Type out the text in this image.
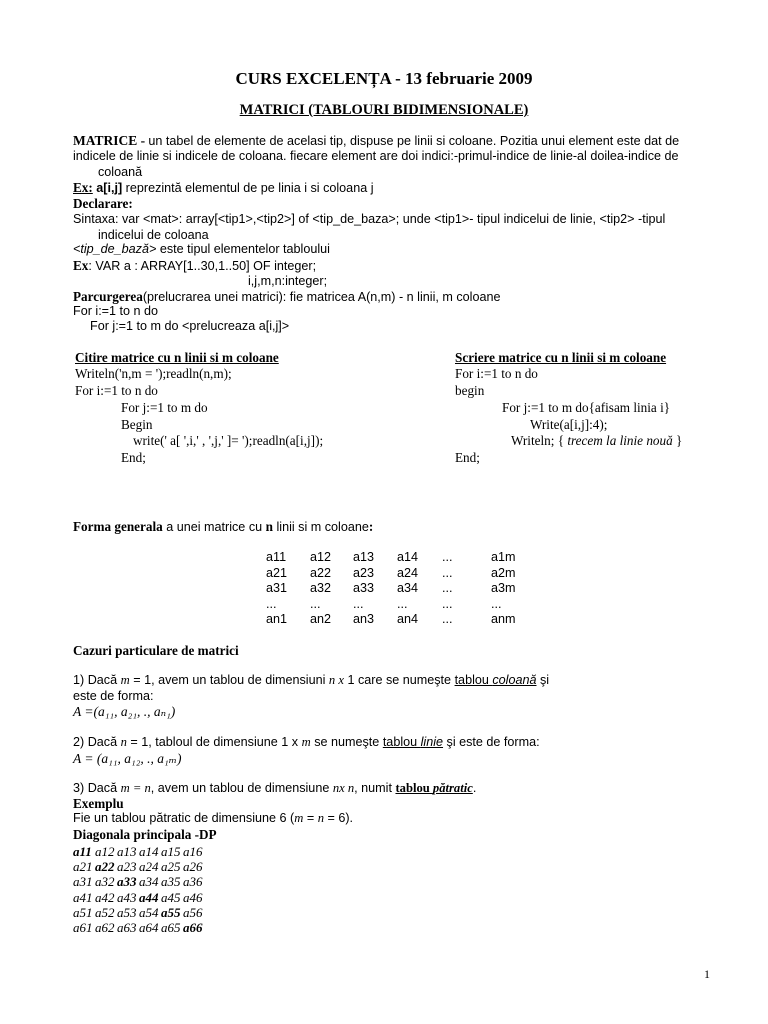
CURS EXCELENȚA - 13 februarie 2009
MATRICI (TABLOURI BIDIMENSIONALE)
MATRICE - un tabel de elemente de acelasi tip, dispuse pe linii si coloane. Pozitia unui element este dat de
indicele de linie si indicele de coloana. fiecare element are doi indici:-primul-indice de linie-al doilea-indice de
coloană
Ex: a[i,j] reprezintă elementul de pe linia i si coloana j
Declarare:
Sintaxa: var <mat>: array[<tip1>,<tip2>] of <tip_de_baza>; unde <tip1>- tipul indicelui de linie, <tip2> -tipul
indicelui de coloana
<tip_de_bază> este tipul elementelor tabloului
Ex: VAR a : ARRAY[1..30,1..50] OF integer;
i,j,m,n:integer;
Parcurgerea(prelucrarea unei matrici): fie matricea A(n,m) - n linii, m coloane
For i:=1 to n do
For j:=1 to m do <prelucreaza a[i,j]>
Citire matrice cu n linii si m coloane
Writeln('n,m = ');readln(n,m);
For i:=1 to n do
For j:=1 to m do
Begin
write(' a[ ',i,' , ',j,' ]= ');readln(a[i,j]);
End;
Scriere matrice cu n linii si m coloane
For i:=1 to n do
begin
For j:=1 to m do{afisam linia i}
Write(a[i,j]:4);
Writeln; { trecem la linie nouă }
End;
Forma generala a unei matrice cu n linii si m coloane:
a11 a12 a13 a14 ...	a1m
a21 a22 a23 a24 ...	a2m
a31 a32 a33 a34 ...	a3m
...	...	...	...	...	...
an1 an2 an3 an4 ...	anm
Cazuri particulare de matrici
1) Dacă m = 1, avem un tablou de dimensiuni n x 1 care se numeşte tablou coloană şi
este de forma:
A =(a₁₁, a₂₁, ., aₙ₁)
2) Dacă n = 1, tabloul de dimensiune 1 x m se numeşte tablou linie şi este de forma:
A = (a₁₁, a₁₂, ., a₁ₘ)
3) Dacă m = n, avem un tablou de dimensiune nx n, numit tablou pătratic.
Exemplu
Fie un tablou pătratic de dimensiune 6 (m = n = 6).
Diagonala principala -DP
a11 a12 a13 a14 a15 a16
a21 a22 a23 a24 a25 a26
a31 a32 a33 a34 a35 a36
a41 a42 a43 a44 a45 a46
a51 a52 a53 a54 a55 a56
a61 a62 a63 a64 a65 a66
1
